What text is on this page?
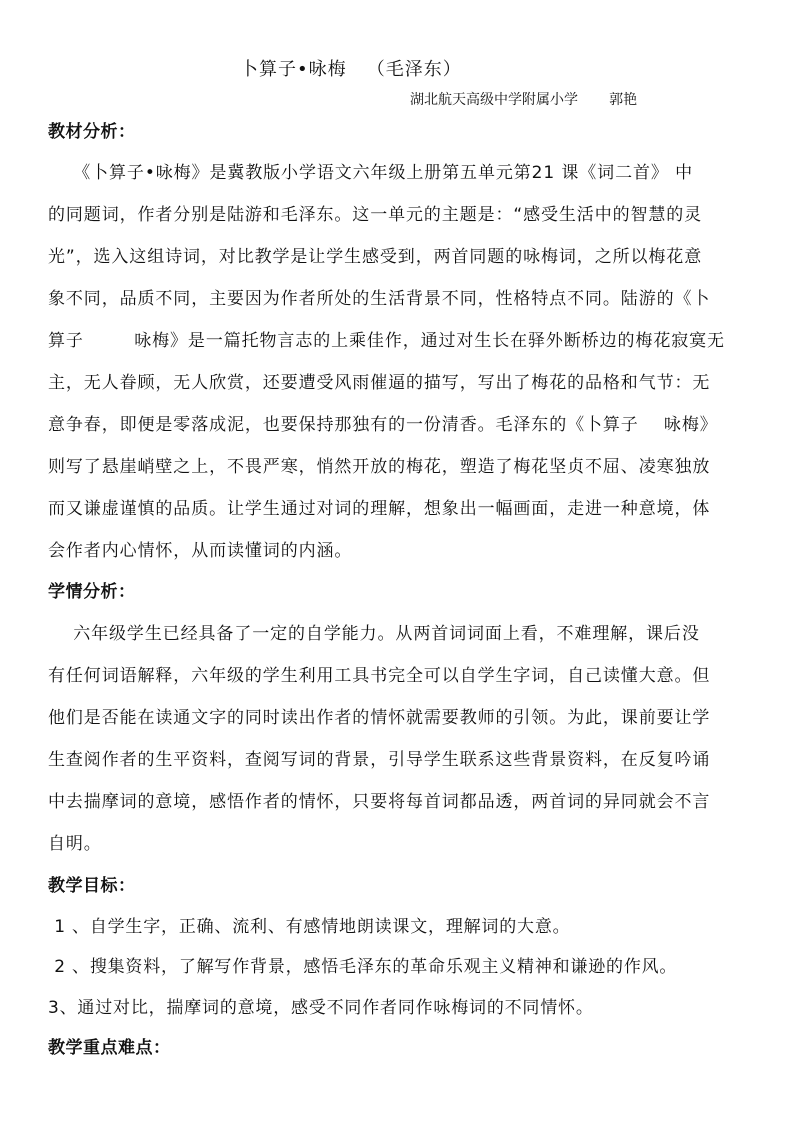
卜算子•咏梅   （毛泽东）
湖北航天高级中学附属小学       郭艳
教材分析：
《卜算子•咏梅》是冀教版小学语文六年级上册第五单元第21 课《词二首》 中
的同题词，作者分别是陆游和毛泽东。这一单元的主题是：“感受生活中的智慧的灵
光”，选入这组诗词，对比教学是让学生感受到，两首同题的咏梅词，之所以梅花意
象不同，品质不同，主要因为作者所处的生活背景不同，性格特点不同。陆游的《卜
算子        咏梅》是一篇托物言志的上乘佳作，通过对生长在驿外断桥边的梅花寂寞无
主，无人眷顾，无人欣赏，还要遭受风雨催逼的描写，写出了梅花的品格和气节：无
意争春，即便是零落成泥，也要保持那独有的一份清香。毛泽东的《卜算子    咏梅》
则写了悬崖峭壁之上，不畏严寒，悄然开放的梅花，塑造了梅花坚贞不屈、凌寒独放
而又谦虚谨慎的品质。让学生通过对词的理解，想象出一幅画面，走进一种意境，体
会作者内心情怀，从而读懂词的内涵。
学情分析：
六年级学生已经具备了一定的自学能力。从两首词词面上看，不难理解，课后没
有任何词语解释，六年级的学生利用工具书完全可以自学生字词，自己读懂大意。但
他们是否能在读通文字的同时读出作者的情怀就需要教师的引领。为此，课前要让学
生查阅作者的生平资料，查阅写词的背景，引导学生联系这些背景资料，在反复吟诵
中去揣摩词的意境，感悟作者的情怀，只要将每首词都品透，两首词的异同就会不言
自明。
教学目标：
1 、自学生字，正确、流利、有感情地朗读课文，理解词的大意。
2 、搜集资料，了解写作背景，感悟毛泽东的革命乐观主义精神和谦逊的作风。
3、通过对比，揣摩词的意境，感受不同作者同作咏梅词的不同情怀。
教学重点难点：
